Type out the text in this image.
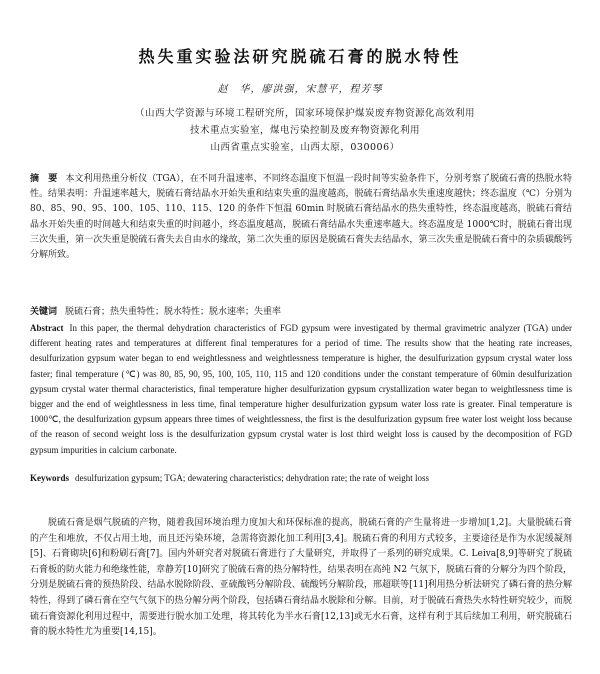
热失重实验法研究脱硫石膏的脱水特性
赵　华，廖洪强，宋慧平，程芳琴
（山西大学资源与环境工程研究所，国家环境保护煤炭废弃物资源化高效利用
技术重点实验室，煤电污染控制及废弃物资源化利用
山西省重点实验室，山西太原，030006）
摘　要 本文利用热重分析仪（TGA），在不同升温速率、不同终态温度下恒温一段时间等实验条件下，分别考察了脱硫石膏的热脱水特性。结果表明：升温速率越大，脱硫石膏结晶水开始失重和结束失重的温度越高，脱硫石膏结晶水失重速度越快；终态温度（℃）分别为 80、85、90、95、100、105、110、115、120 的条件下恒温 60min 时脱硫石膏结晶水的热失重特性，终态温度越高，脱硫石膏结晶水开始失重的时间越大和结束失重的时间越小，终态温度越高，脱硫石膏结晶水失重速率越大。终态温度是 1000℃时，脱硫石膏出现三次失重，第一次失重是脱硫石膏失去自由水的缘故，第二次失重的原因是脱硫石膏失去结晶水，第三次失重是脱硫石膏中的杂质碳酸钙分解所致。
关键词 脱硫石膏；热失重特性；脱水特性；脱水速率；失重率
Abstract In this paper, the thermal dehydration characteristics of FGD gypsum were investigated by thermal gravimetric analyzer (TGA) under different heating rates and temperatures at different final temperatures for a period of time. The results show that the heating rate increases, desulfurization gypsum water began to end weightlessness and weightlessness temperature is higher, the desulfurization gypsum crystal water loss faster; final temperature (℃) was 80, 85, 90, 95, 100, 105, 110, 115 and 120 conditions under the constant temperature of 60min desulfurization gypsum crystal water thermal characteristics, final temperature higher desulfurization gypsum crystallization water began to weightlessness time is bigger and the end of weightlessness in less time, final temperature higher desulfurization gypsum water loss rate is greater. Final temperature is 1000℃, the desulfurization gypsum appears three times of weightlessness, the first is the desulfurization gypsum free water lost weight loss because of the reason of second weight loss is the desulfurization gypsum crystal water is lost third weight loss is caused by the decomposition of FGD gypsum impurities in calcium carbonate.
Keywords desulfurization gypsum; TGA; dewatering characteristics; dehydration rate; the rate of weight loss
脱硫石膏是烟气脱硫的产物，随着我国环境治理力度加大和环保标准的提高，脱硫石膏的产生量将进一步增加[1,2]。大量脱硫石膏的产生和堆放，不仅占用土地，而且还污染环境，急需将资源化加工利用[3,4]。脱硫石膏的利用方式较多，主要途径是作为水泥缓凝剂[5]、石膏砌块[6]和粉刷石膏[7]。国内外研究者对脱硫石膏进行了大量研究，并取得了一系列的研究成果。C. Leiva[8,9]等研究了脱硫石膏板的防火能力和绝缘性能，章静芳[10]研究了脱硫石膏的热分解特性，结果表明在高纯 N2 气氛下，脱硫石膏的分解分为四个阶段，分别是脱硫石膏的预热阶段、结晶水脱除阶段、亚硫酸钙分解阶段、硫酸钙分解阶段，邢超联等[11]利用热分析法研究了磷石膏的热分解特性，得到了磷石膏在空气气氛下的热分解分两个阶段，包括磷石膏结晶水脱除和分解。目前，对于脱硫石膏热失水特性研究较少，而脱硫石膏资源化利用过程中，需要进行脱水加工处理，将其转化为半水石膏[12,13]或无水石膏，这样有利于其后续加工利用，研究脱硫石膏的脱水特性尤为重要[14,15]。
